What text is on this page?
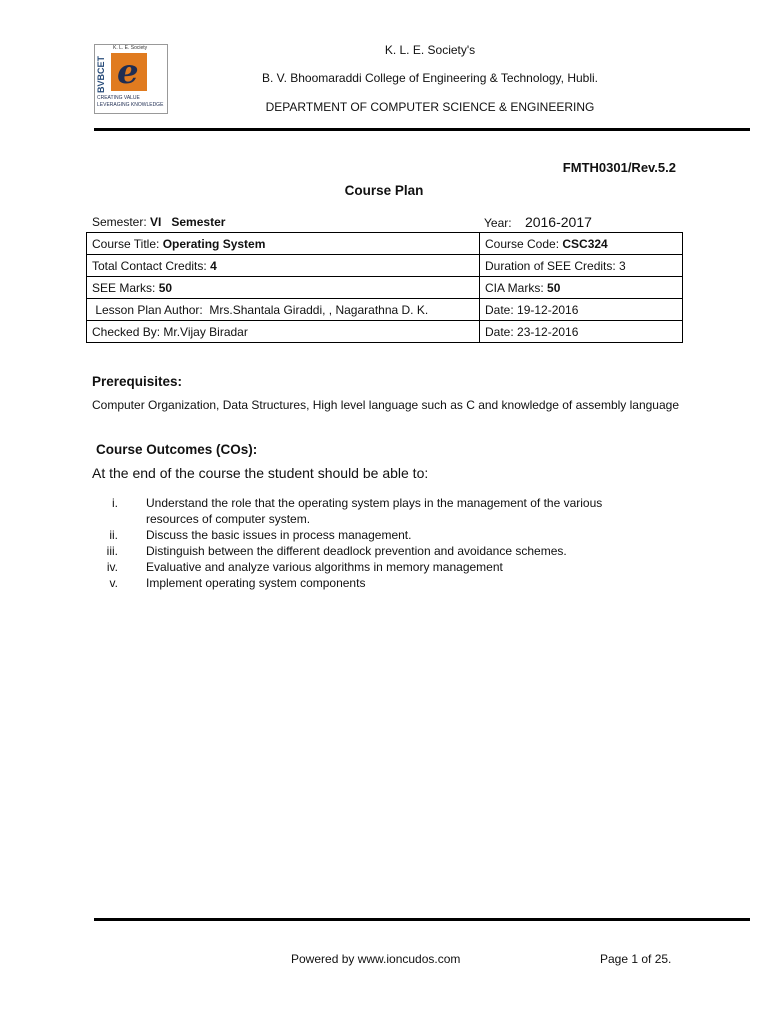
K. L. E. Society
BVBCET e
CREATING VALUE LEVERAGING KNOWLEDGE
K. L. E. Society's
B. V. Bhoomaraddi College of Engineering & Technology, Hubli.
DEPARTMENT OF COMPUTER SCIENCE & ENGINEERING
FMTH0301/Rev.5.2
Course Plan
Semester: VI   Semester	Year: 2016-2017
Course Title: Operating System	Course Code: CSC324
Total Contact Credits: 4	Duration of SEE Credits: 3
SEE Marks: 50	CIA Marks: 50
Lesson Plan Author:  Mrs.Shantala Giraddi, , Nagarathna D. K.	Date: 19-12-2016
Checked By: Mr.Vijay Biradar	Date: 23-12-2016
Prerequisites:
Computer Organization, Data Structures, High level language such as C and knowledge of assembly language
Course Outcomes (COs):
At the end of the course the student should be able to:
i. Understand the role that the operating system plays in the management of the various resources of computer system.
ii. Discuss the basic issues in process management.
iii. Distinguish between the different deadlock prevention and avoidance schemes.
iv. Evaluative and analyze various algorithms in memory management
v. Implement operating system components
Powered by www.ioncudos.com	Page 1 of 25.
